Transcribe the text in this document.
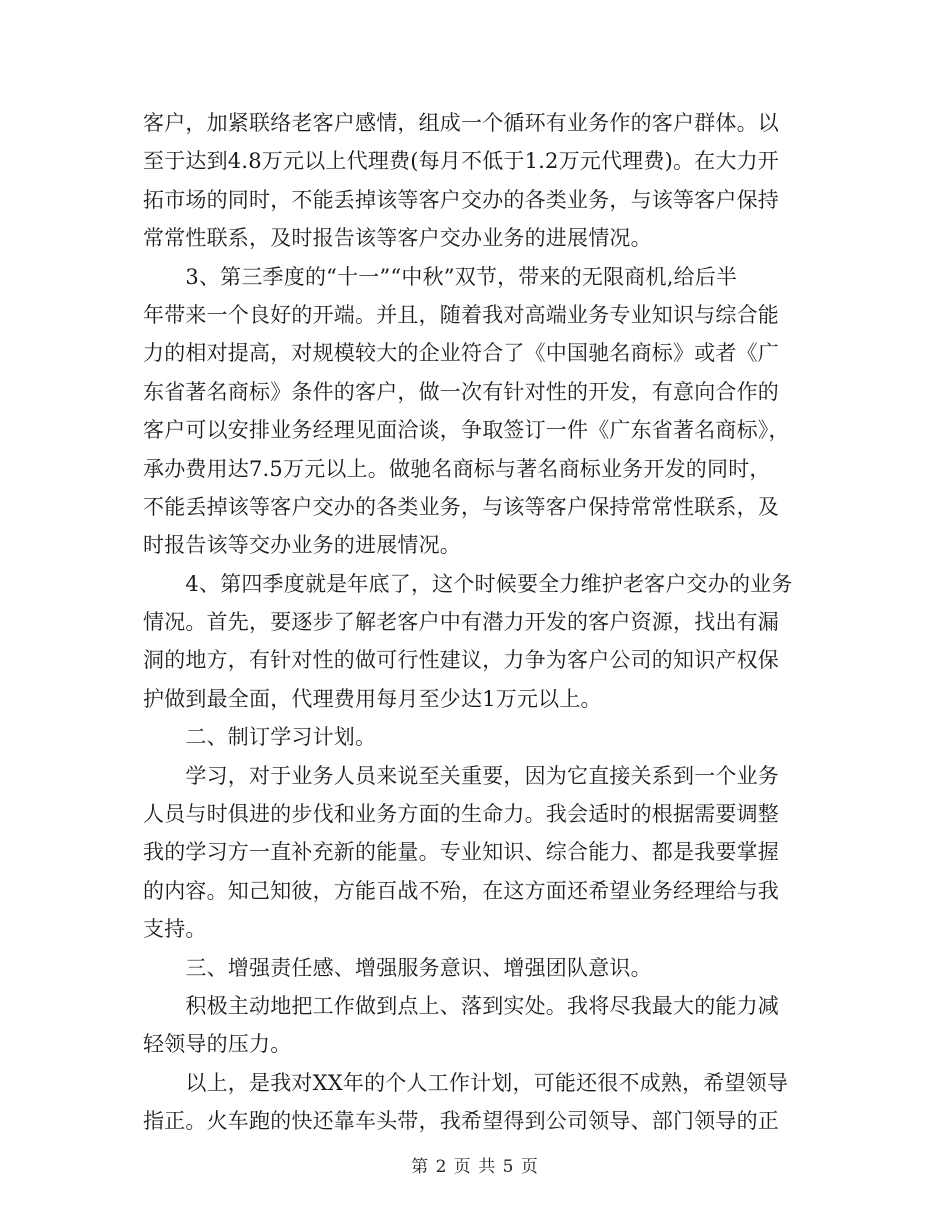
客户，加紧联络老客户感情，组成一个循环有业务作的客户群体。以
至于达到4.8万元以上代理费(每月不低于1.2万元代理费)。在大力开
拓市场的同时，不能丢掉该等客户交办的各类业务，与该等客户保持
常常性联系，及时报告该等客户交办业务的进展情况。
　　3、第三季度的“十一”“中秋”双节，带来的无限商机,给后半
年带来一个良好的开端。并且，随着我对高端业务专业知识与综合能
力的相对提高，对规模较大的企业符合了《中国驰名商标》或者《广
东省著名商标》条件的客户，做一次有针对性的开发，有意向合作的
客户可以安排业务经理见面洽谈，争取签订一件《广东省著名商标》，
承办费用达7.5万元以上。做驰名商标与著名商标业务开发的同时，
不能丢掉该等客户交办的各类业务，与该等客户保持常常性联系，及
时报告该等交办业务的进展情况。
　　4、第四季度就是年底了，这个时候要全力维护老客户交办的业务
情况。首先，要逐步了解老客户中有潜力开发的客户资源，找出有漏
洞的地方，有针对性的做可行性建议，力争为客户公司的知识产权保
护做到最全面，代理费用每月至少达1万元以上。
　　二、制订学习计划。
　　学习，对于业务人员来说至关重要，因为它直接关系到一个业务
人员与时俱进的步伐和业务方面的生命力。我会适时的根据需要调整
我的学习方一直补充新的能量。专业知识、综合能力、都是我要掌握
的内容。知己知彼，方能百战不殆，在这方面还希望业务经理给与我
支持。
　　三、增强责任感、增强服务意识、增强团队意识。
　　积极主动地把工作做到点上、落到实处。我将尽我最大的能力减
轻领导的压力。
　　以上，是我对XX年的个人工作计划，可能还很不成熟，希望领导
指正。火车跑的快还靠车头带，我希望得到公司领导、部门领导的正
第 2 页 共 5 页
